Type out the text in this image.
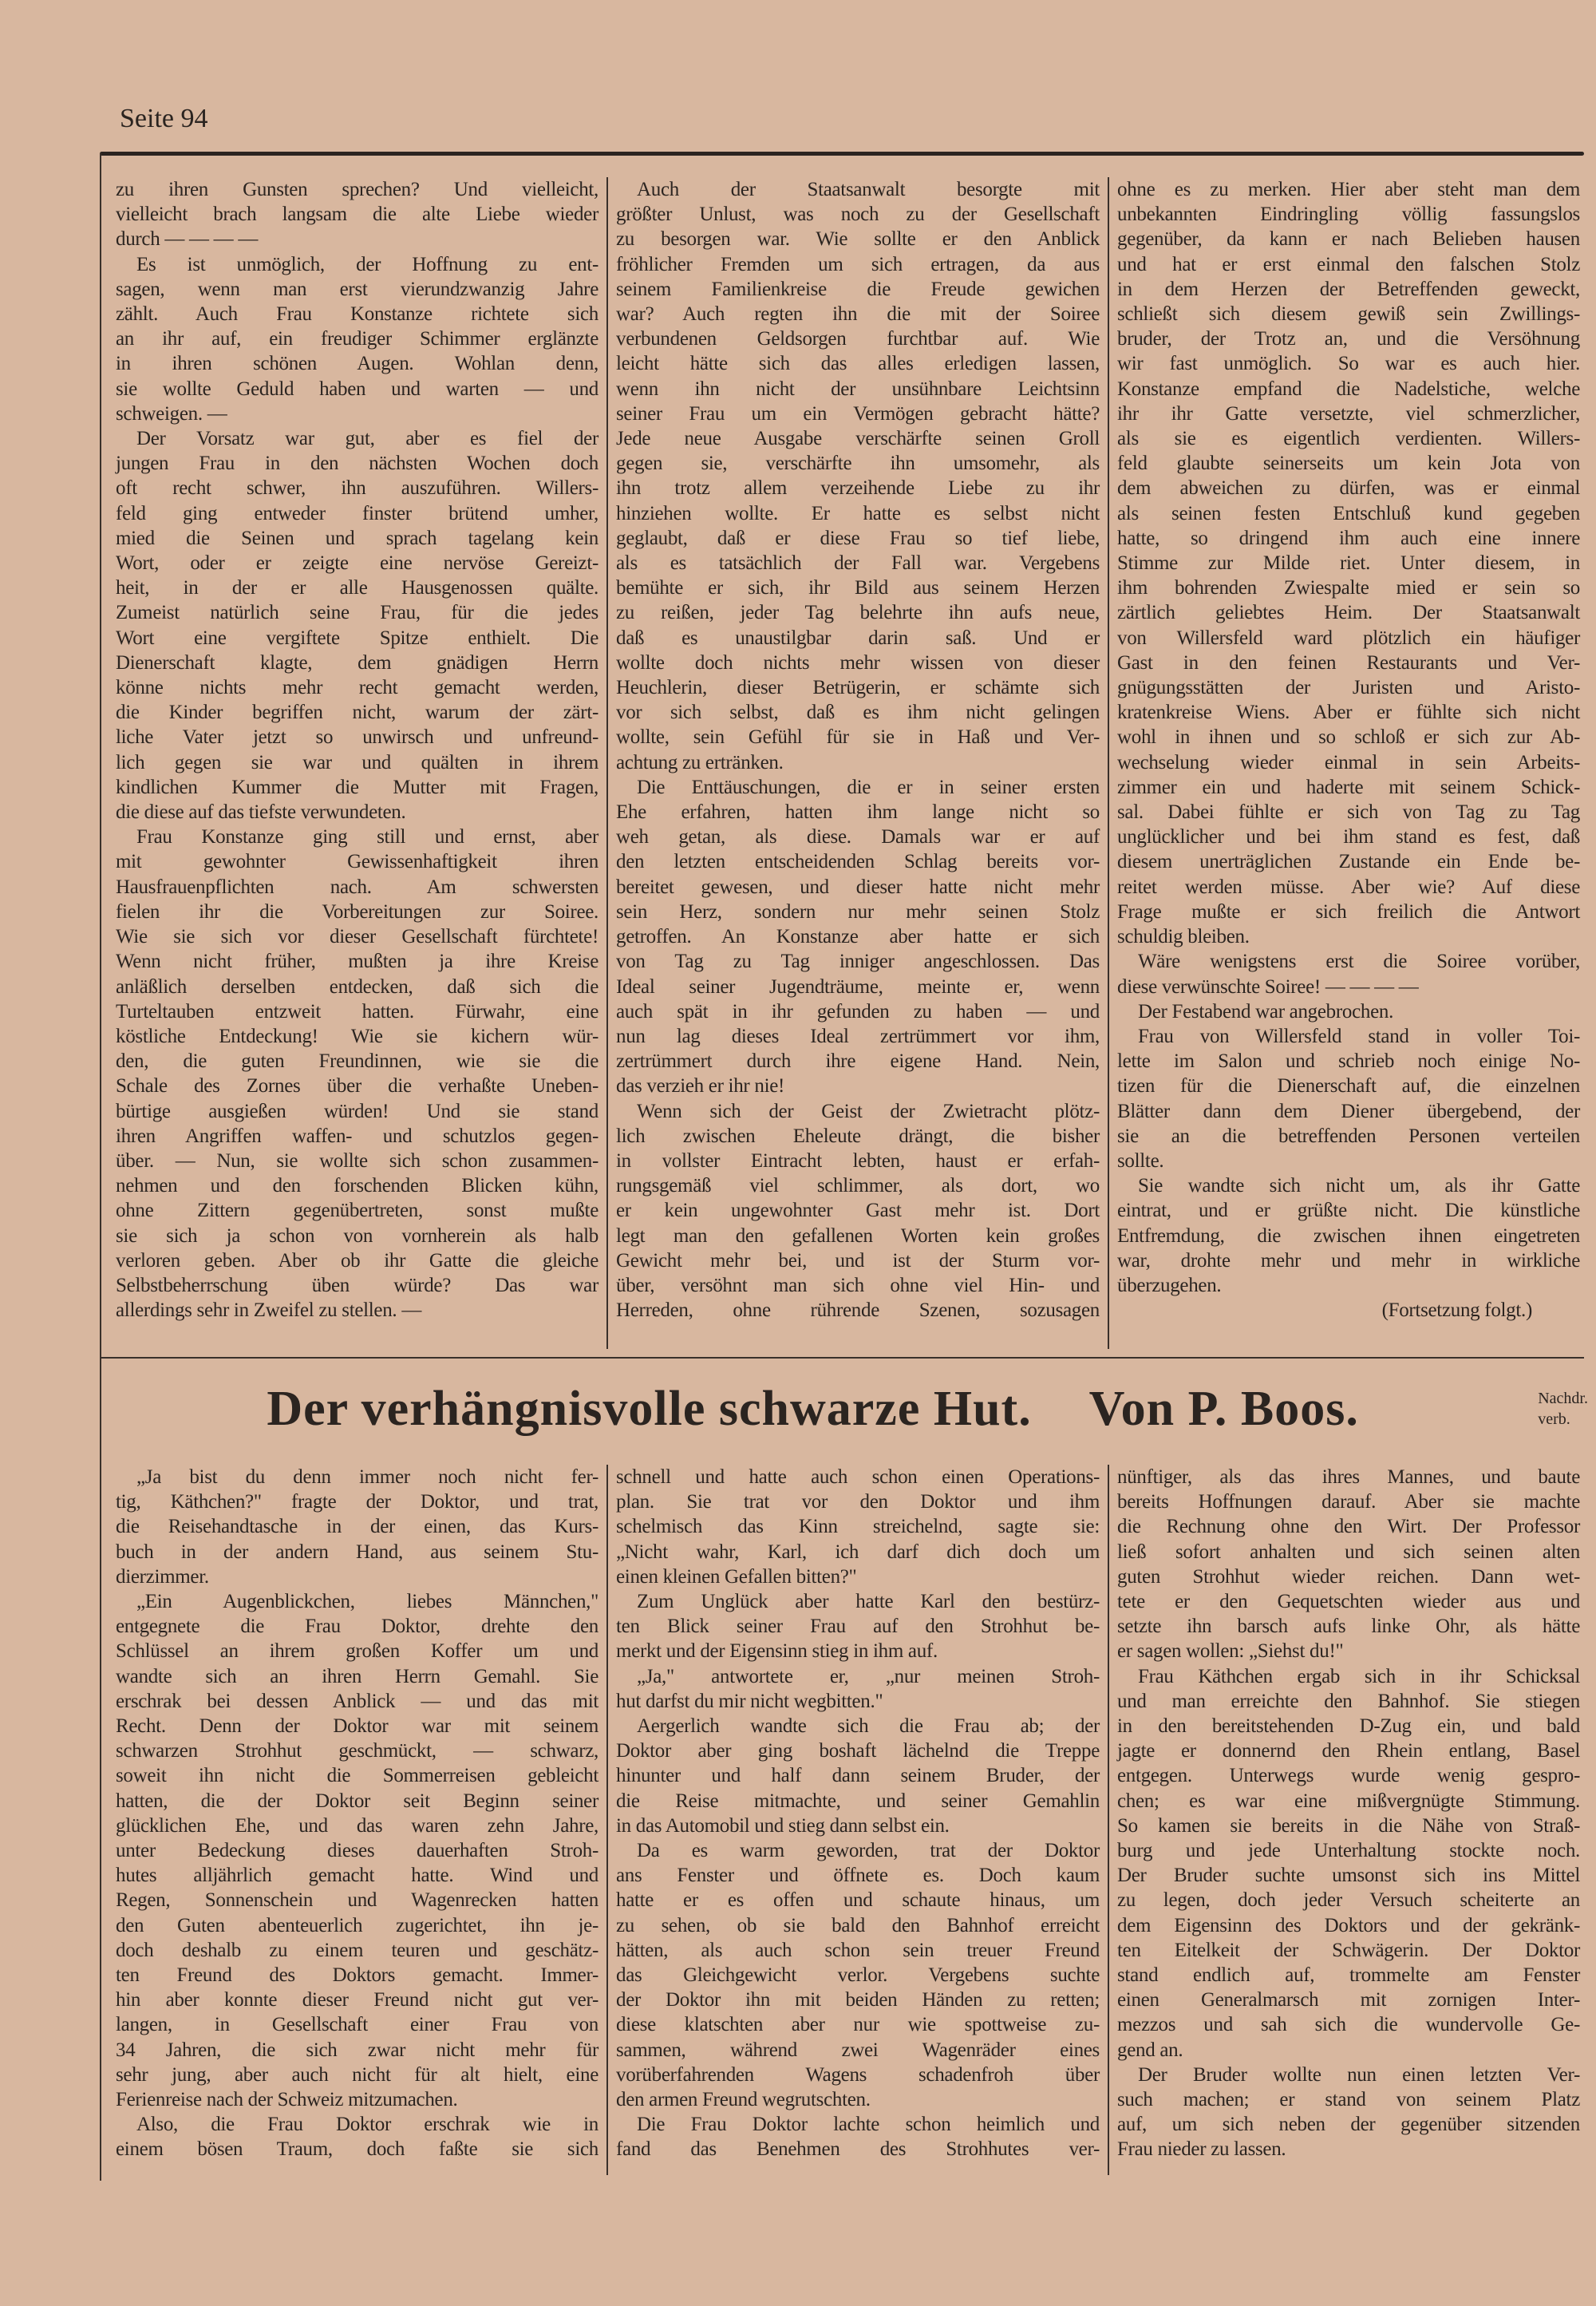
Seite 94
zu ihren Gunsten sprechen? Und vielleicht,
vielleicht brach langsam die alte Liebe wieder
durch — — — —
Es ist unmöglich, der Hoffnung zu ent-
sagen, wenn man erst vierundzwanzig Jahre
zählt. Auch Frau Konstanze richtete sich
an ihr auf, ein freudiger Schimmer erglänzte
in ihren schönen Augen. Wohlan denn,
sie wollte Geduld haben und warten — und
schweigen. —
Der Vorsatz war gut, aber es fiel der
jungen Frau in den nächsten Wochen doch
oft recht schwer, ihn auszuführen. Willers-
feld ging entweder finster brütend umher,
mied die Seinen und sprach tagelang kein
Wort, oder er zeigte eine nervöse Gereizt-
heit, in der er alle Hausgenossen quälte.
Zumeist natürlich seine Frau, für die jedes
Wort eine vergiftete Spitze enthielt. Die
Dienerschaft klagte, dem gnädigen Herrn
könne nichts mehr recht gemacht werden,
die Kinder begriffen nicht, warum der zärt-
liche Vater jetzt so unwirsch und unfreund-
lich gegen sie war und quälten in ihrem
kindlichen Kummer die Mutter mit Fragen,
die diese auf das tiefste verwundeten.
Frau Konstanze ging still und ernst, aber
mit gewohnter Gewissenhaftigkeit ihren
Hausfrauenpflichten nach. Am schwersten
fielen ihr die Vorbereitungen zur Soiree.
Wie sie sich vor dieser Gesellschaft fürchtete!
Wenn nicht früher, mußten ja ihre Kreise
anläßlich derselben entdecken, daß sich die
Turteltauben entzweit hatten. Fürwahr, eine
köstliche Entdeckung! Wie sie kichern wür-
den, die guten Freundinnen, wie sie die
Schale des Zornes über die verhaßte Uneben-
bürtige ausgießen würden! Und sie stand
ihren Angriffen waffen- und schutzlos gegen-
über. — Nun, sie wollte sich schon zusammen-
nehmen und den forschenden Blicken kühn,
ohne Zittern gegenübertreten, sonst mußte
sie sich ja schon von vornherein als halb
verloren geben. Aber ob ihr Gatte die gleiche
Selbstbeherrschung üben würde? Das war
allerdings sehr in Zweifel zu stellen. —
Auch der Staatsanwalt besorgte mit
größter Unlust, was noch zu der Gesellschaft
zu besorgen war. Wie sollte er den Anblick
fröhlicher Fremden um sich ertragen, da aus
seinem Familienkreise die Freude gewichen
war? Auch regten ihn die mit der Soiree
verbundenen Geldsorgen furchtbar auf. Wie
leicht hätte sich das alles erledigen lassen,
wenn ihn nicht der unsühnbare Leichtsinn
seiner Frau um ein Vermögen gebracht hätte?
Jede neue Ausgabe verschärfte seinen Groll
gegen sie, verschärfte ihn umsomehr, als
ihn trotz allem verzeihende Liebe zu ihr
hinziehen wollte. Er hatte es selbst nicht
geglaubt, daß er diese Frau so tief liebe,
als es tatsächlich der Fall war. Vergebens
bemühte er sich, ihr Bild aus seinem Herzen
zu reißen, jeder Tag belehrte ihn aufs neue,
daß es unaustilgbar darin saß. Und er
wollte doch nichts mehr wissen von dieser
Heuchlerin, dieser Betrügerin, er schämte sich
vor sich selbst, daß es ihm nicht gelingen
wollte, sein Gefühl für sie in Haß und Ver-
achtung zu ertränken.
Die Enttäuschungen, die er in seiner ersten
Ehe erfahren, hatten ihm lange nicht so
weh getan, als diese. Damals war er auf
den letzten entscheidenden Schlag bereits vor-
bereitet gewesen, und dieser hatte nicht mehr
sein Herz, sondern nur mehr seinen Stolz
getroffen. An Konstanze aber hatte er sich
von Tag zu Tag inniger angeschlossen. Das
Ideal seiner Jugendträume, meinte er, wenn
auch spät in ihr gefunden zu haben — und
nun lag dieses Ideal zertrümmert vor ihm,
zertrümmert durch ihre eigene Hand. Nein,
das verzieh er ihr nie!
Wenn sich der Geist der Zwietracht plötz-
lich zwischen Eheleute drängt, die bisher
in vollster Eintracht lebten, haust er erfah-
rungsgemäß viel schlimmer, als dort, wo
er kein ungewohnter Gast mehr ist. Dort
legt man den gefallenen Worten kein großes
Gewicht mehr bei, und ist der Sturm vor-
über, versöhnt man sich ohne viel Hin- und
Herreden, ohne rührende Szenen, sozusagen
ohne es zu merken. Hier aber steht man dem
unbekannten Eindringling völlig fassungslos
gegenüber, da kann er nach Belieben hausen
und hat er erst einmal den falschen Stolz
in dem Herzen der Betreffenden geweckt,
schließt sich diesem gewiß sein Zwillings-
bruder, der Trotz an, und die Versöhnung
wir fast unmöglich. So war es auch hier.
Konstanze empfand die Nadelstiche, welche
ihr ihr Gatte versetzte, viel schmerzlicher,
als sie es eigentlich verdienten. Willers-
feld glaubte seinerseits um kein Jota von
dem abweichen zu dürfen, was er einmal
als seinen festen Entschluß kund gegeben
hatte, so dringend ihm auch eine innere
Stimme zur Milde riet. Unter diesem, in
ihm bohrenden Zwiespalte mied er sein so
zärtlich geliebtes Heim. Der Staatsanwalt
von Willersfeld ward plötzlich ein häufiger
Gast in den feinen Restaurants und Ver-
gnügungsstätten der Juristen und Aristo-
kratenkreise Wiens. Aber er fühlte sich nicht
wohl in ihnen und so schloß er sich zur Ab-
wechselung wieder einmal in sein Arbeits-
zimmer ein und haderte mit seinem Schick-
sal. Dabei fühlte er sich von Tag zu Tag
unglücklicher und bei ihm stand es fest, daß
diesem unerträglichen Zustande ein Ende be-
reitet werden müsse. Aber wie? Auf diese
Frage mußte er sich freilich die Antwort
schuldig bleiben.
Wäre wenigstens erst die Soiree vorüber,
diese verwünschte Soiree! — — — —
Der Festabend war angebrochen.
Frau von Willersfeld stand in voller Toi-
lette im Salon und schrieb noch einige No-
tizen für die Dienerschaft auf, die einzelnen
Blätter dann dem Diener übergebend, der
sie an die betreffenden Personen verteilen
sollte.
Sie wandte sich nicht um, als ihr Gatte
eintrat, und er grüßte nicht. Die künstliche
Entfremdung, die zwischen ihnen eingetreten
war, drohte mehr und mehr in wirkliche
überzugehen.
(Fortsetzung folgt.)
Der verhängnisvolle schwarze Hut. Von P. Boos.	Nachdr.
verb.
„Ja bist du denn immer noch nicht fer-
tig, Käthchen?" fragte der Doktor, und trat,
die Reisehandtasche in der einen, das Kurs-
buch in der andern Hand, aus seinem Stu-
dierzimmer.
„Ein Augenblickchen, liebes Männchen,"
entgegnete die Frau Doktor, drehte den
Schlüssel an ihrem großen Koffer um und
wandte sich an ihren Herrn Gemahl. Sie
erschrak bei dessen Anblick — und das mit
Recht. Denn der Doktor war mit seinem
schwarzen Strohhut geschmückt, — schwarz,
soweit ihn nicht die Sommerreisen gebleicht
hatten, die der Doktor seit Beginn seiner
glücklichen Ehe, und das waren zehn Jahre,
unter Bedeckung dieses dauerhaften Stroh-
hutes alljährlich gemacht hatte. Wind und
Regen, Sonnenschein und Wagenrecken hatten
den Guten abenteuerlich zugerichtet, ihn je-
doch deshalb zu einem teuren und geschätz-
ten Freund des Doktors gemacht. Immer-
hin aber konnte dieser Freund nicht gut ver-
langen, in Gesellschaft einer Frau von
34 Jahren, die sich zwar nicht mehr für
sehr jung, aber auch nicht für alt hielt, eine
Ferienreise nach der Schweiz mitzumachen.
Also, die Frau Doktor erschrak wie in
einem bösen Traum, doch faßte sie sich
schnell und hatte auch schon einen Operations-
plan. Sie trat vor den Doktor und ihm
schelmisch das Kinn streichelnd, sagte sie:
„Nicht wahr, Karl, ich darf dich doch um
einen kleinen Gefallen bitten?"
Zum Unglück aber hatte Karl den bestürz-
ten Blick seiner Frau auf den Strohhut be-
merkt und der Eigensinn stieg in ihm auf.
„Ja," antwortete er, „nur meinen Stroh-
hut darfst du mir nicht wegbitten."
Aergerlich wandte sich die Frau ab; der
Doktor aber ging boshaft lächelnd die Treppe
hinunter und half dann seinem Bruder, der
die Reise mitmachte, und seiner Gemahlin
in das Automobil und stieg dann selbst ein.
Da es warm geworden, trat der Doktor
ans Fenster und öffnete es. Doch kaum
hatte er es offen und schaute hinaus, um
zu sehen, ob sie bald den Bahnhof erreicht
hätten, als auch schon sein treuer Freund
das Gleichgewicht verlor. Vergebens suchte
der Doktor ihn mit beiden Händen zu retten;
diese klatschten aber nur wie spottweise zu-
sammen, während zwei Wagenräder eines
vorüberfahrenden Wagens schadenfroh über
den armen Freund wegrutschten.
Die Frau Doktor lachte schon heimlich und
fand das Benehmen des Strohhutes ver-
nünftiger, als das ihres Mannes, und baute
bereits Hoffnungen darauf. Aber sie machte
die Rechnung ohne den Wirt. Der Professor
ließ sofort anhalten und sich seinen alten
guten Strohhut wieder reichen. Dann wet-
tete er den Gequetschten wieder aus und
setzte ihn barsch aufs linke Ohr, als hätte
er sagen wollen: „Siehst du!"
Frau Käthchen ergab sich in ihr Schicksal
und man erreichte den Bahnhof. Sie stiegen
in den bereitstehenden D-Zug ein, und bald
jagte er donnernd den Rhein entlang, Basel
entgegen. Unterwegs wurde wenig gespro-
chen; es war eine mißvergnügte Stimmung.
So kamen sie bereits in die Nähe von Straß-
burg und jede Unterhaltung stockte noch.
Der Bruder suchte umsonst sich ins Mittel
zu legen, doch jeder Versuch scheiterte an
dem Eigensinn des Doktors und der gekränk-
ten Eitelkeit der Schwägerin. Der Doktor
stand endlich auf, trommelte am Fenster
einen Generalmarsch mit zornigen Inter-
mezzos und sah sich die wundervolle Ge-
gend an.
Der Bruder wollte nun einen letzten Ver-
such machen; er stand von seinem Platz
auf, um sich neben der gegenüber sitzenden
Frau nieder zu lassen.
